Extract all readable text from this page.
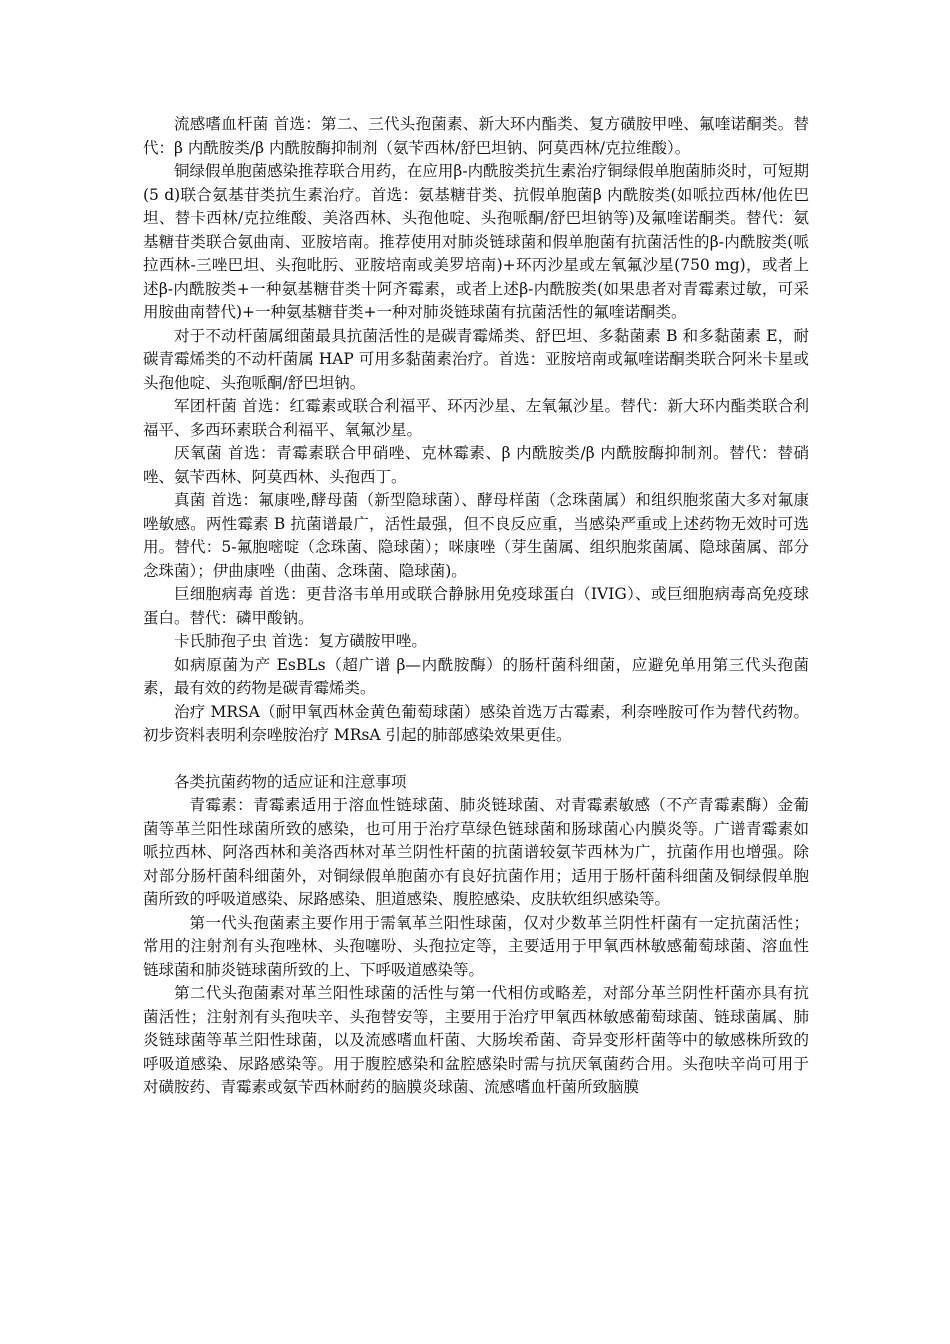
流感嗜血杆菌 首选：第二、三代头孢菌素、新大环内酯类、复方磺胺甲唑、氟喹诺酮类。替代：β 内酰胺类/β 内酰胺酶抑制剂（氨苄西林/舒巴坦钠、阿莫西林/克拉维酸）。

铜绿假单胞菌感染推荐联合用药，在应用β-内酰胺类抗生素治疗铜绿假单胞菌肺炎时，可短期(5 d)联合氨基苷类抗生素治疗。首选：氨基糖苷类、抗假单胞菌β 内酰胺类(如哌拉西林/他佐巴坦、替卡西林/克拉维酸、美洛西林、头孢他啶、头孢哌酮/舒巴坦钠等)及氟喹诺酮类。替代：氨基糖苷类联合氨曲南、亚胺培南。推荐使用对肺炎链球菌和假单胞菌有抗菌活性的β-内酰胺类(哌拉西林-三唑巴坦、头孢吡肟、亚胺培南或美罗培南)+环丙沙星或左氧氟沙星(750 mg)，或者上述β-内酰胺类+一种氨基糖苷类十阿齐霉素，或者上述β-内酰胺类(如果患者对青霉素过敏，可采用胺曲南替代)+一种氨基糖苷类+一种对肺炎链球菌有抗菌活性的氟喹诺酮类。

对于不动杆菌属细菌最具抗菌活性的是碳青霉烯类、舒巴坦、多黏菌素 B 和多黏菌素 E，耐碳青霉烯类的不动杆菌属 HAP 可用多黏菌素治疗。首选：亚胺培南或氟喹诺酮类联合阿米卡星或头孢他啶、头孢哌酮/舒巴坦钠。

军团杆菌 首选：红霉素或联合利福平、环丙沙星、左氧氟沙星。替代：新大环内酯类联合利福平、多西环素联合利福平、氧氟沙星。

厌氧菌 首选：青霉素联合甲硝唑、克林霉素、β 内酰胺类/β 内酰胺酶抑制剂。替代：替硝唑、氨苄西林、阿莫西林、头孢西丁。

真菌 首选：氟康唑,酵母菌（新型隐球菌）、酵母样菌（念珠菌属）和组织胞浆菌大多对氟康唑敏感。两性霉素 B 抗菌谱最广，活性最强，但不良反应重，当感染严重或上述药物无效时可选用。替代：5-氟胞嘧啶（念珠菌、隐球菌）；咪康唑（芽生菌属、组织胞浆菌属、隐球菌属、部分念珠菌）；伊曲康唑（曲菌、念珠菌、隐球菌)。

巨细胞病毒 首选：更昔洛韦单用或联合静脉用免疫球蛋白（IVIG）、或巨细胞病毒高免疫球蛋白。替代：磷甲酸钠。

卡氏肺孢子虫 首选：复方磺胺甲唑。

如病原菌为产 EsBLs（超广谱 β—内酰胺酶）的肠杆菌科细菌，应避免单用第三代头孢菌素，最有效的药物是碳青霉烯类。

治疗 MRSA（耐甲氧西林金黄色葡萄球菌）感染首选万古霉素，利奈唑胺可作为替代药物。初步资料表明利奈唑胺治疗 MRsA 引起的肺部感染效果更佳。

各类抗菌药物的适应证和注意事项

青霉素：青霉素适用于溶血性链球菌、肺炎链球菌、对青霉素敏感（不产青霉素酶）金葡菌等革兰阳性球菌所致的感染，也可用于治疗草绿色链球菌和肠球菌心内膜炎等。广谱青霉素如哌拉西林、阿洛西林和美洛西林对革兰阴性杆菌的抗菌谱较氨苄西林为广，抗菌作用也增强。除对部分肠杆菌科细菌外，对铜绿假单胞菌亦有良好抗菌作用；适用于肠杆菌科细菌及铜绿假单胞菌所致的呼吸道感染、尿路感染、胆道感染、腹腔感染、皮肤软组织感染等。

第一代头孢菌素主要作用于需氧革兰阳性球菌，仅对少数革兰阴性杆菌有一定抗菌活性；常用的注射剂有头孢唑林、头孢噻吩、头孢拉定等，主要适用于甲氧西林敏感葡萄球菌、溶血性链球菌和肺炎链球菌所致的上、下呼吸道感染等。

第二代头孢菌素对革兰阳性球菌的活性与第一代相仿或略差，对部分革兰阴性杆菌亦具有抗菌活性；注射剂有头孢呋辛、头孢替安等，主要用于治疗甲氧西林敏感葡萄球菌、链球菌属、肺炎链球菌等革兰阳性球菌，以及流感嗜血杆菌、大肠埃希菌、奇异变形杆菌等中的敏感株所致的呼吸道感染、尿路感染等。用于腹腔感染和盆腔感染时需与抗厌氧菌药合用。头孢呋辛尚可用于对磺胺药、青霉素或氨苄西林耐药的脑膜炎球菌、流感嗜血杆菌所致脑膜
